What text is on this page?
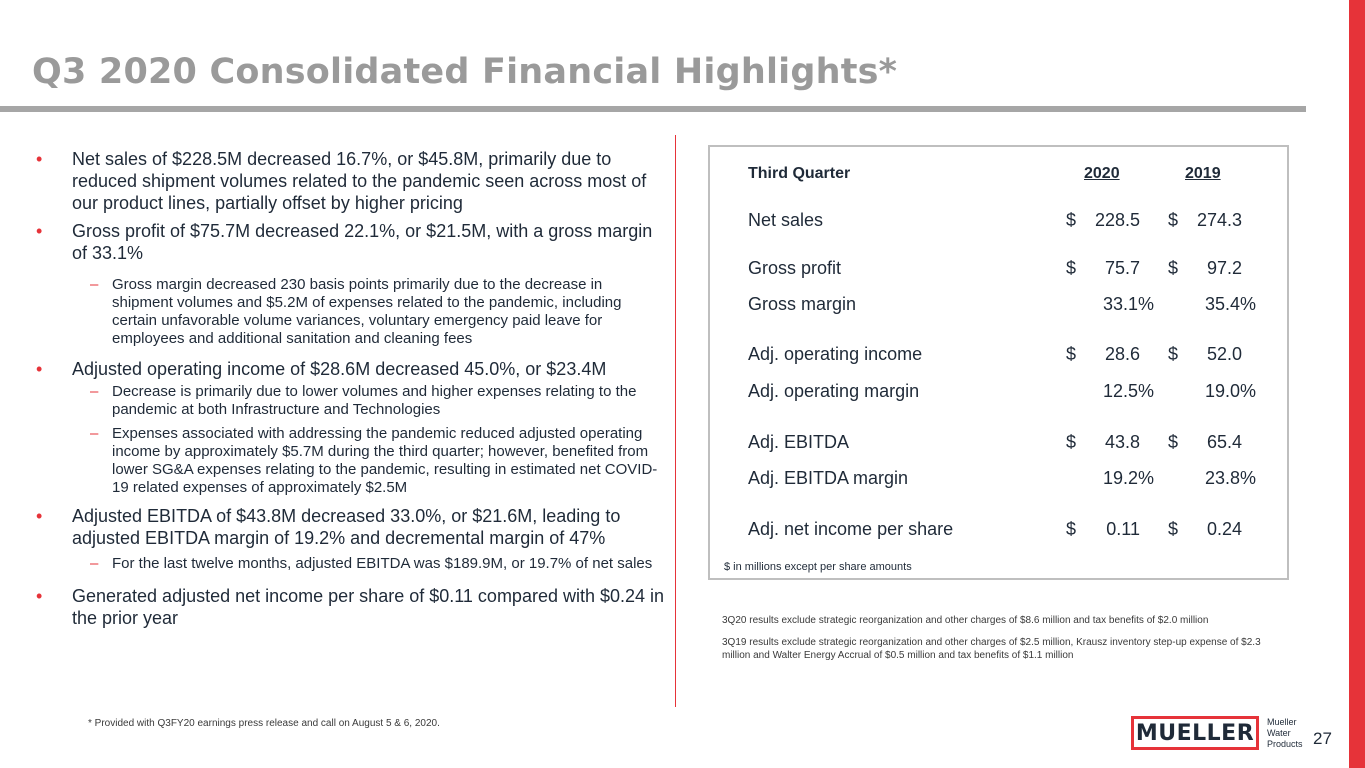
Q3 2020 Consolidated Financial Highlights*
• Net sales of $228.5M decreased 16.7%, or $45.8M, primarily due to reduced shipment volumes related to the pandemic seen across most of our product lines, partially offset by higher pricing
• Gross profit of $75.7M decreased 22.1%, or $21.5M, with a gross margin of 33.1%
– Gross margin decreased 230 basis points primarily due to the decrease in shipment volumes and $5.2M of expenses related to the pandemic, including certain unfavorable volume variances, voluntary emergency paid leave for employees and additional sanitation and cleaning fees
• Adjusted operating income of $28.6M decreased 45.0%, or $23.4M
– Decrease is primarily due to lower volumes and higher expenses relating to the pandemic at both Infrastructure and Technologies
– Expenses associated with addressing the pandemic reduced adjusted operating income by approximately $5.7M during the third quarter; however, benefited from lower SG&A expenses relating to the pandemic, resulting in estimated net COVID-19 related expenses of approximately $2.5M
• Adjusted EBITDA of $43.8M decreased 33.0%, or $21.6M, leading to adjusted EBITDA margin of 19.2% and decremental margin of 47%
– For the last twelve months, adjusted EBITDA was $189.9M, or 19.7% of net sales
• Generated adjusted net income per share of $0.11 compared with $0.24 in the prior year
Third Quarter	2020	2019
Net sales	$ 228.5	$ 274.3
Gross profit	$ 75.7	$ 97.2
Gross margin	33.1%	35.4%
Adj. operating income	$ 28.6	$ 52.0
Adj. operating margin	12.5%	19.0%
Adj. EBITDA	$ 43.8	$ 65.4
Adj. EBITDA margin	19.2%	23.8%
Adj. net income per share	$ 0.11	$ 0.24
$ in millions except per share amounts
3Q20 results exclude strategic reorganization and other charges of $8.6 million and tax benefits of $2.0 million
3Q19 results exclude strategic reorganization and other charges of $2.5 million, Krausz inventory step-up expense of $2.3 million and Walter Energy Accrual of $0.5 million and tax benefits of $1.1 million
* Provided with Q3FY20 earnings press release and call on August 5 & 6, 2020.	MUELLER Mueller
Water
Products 27
